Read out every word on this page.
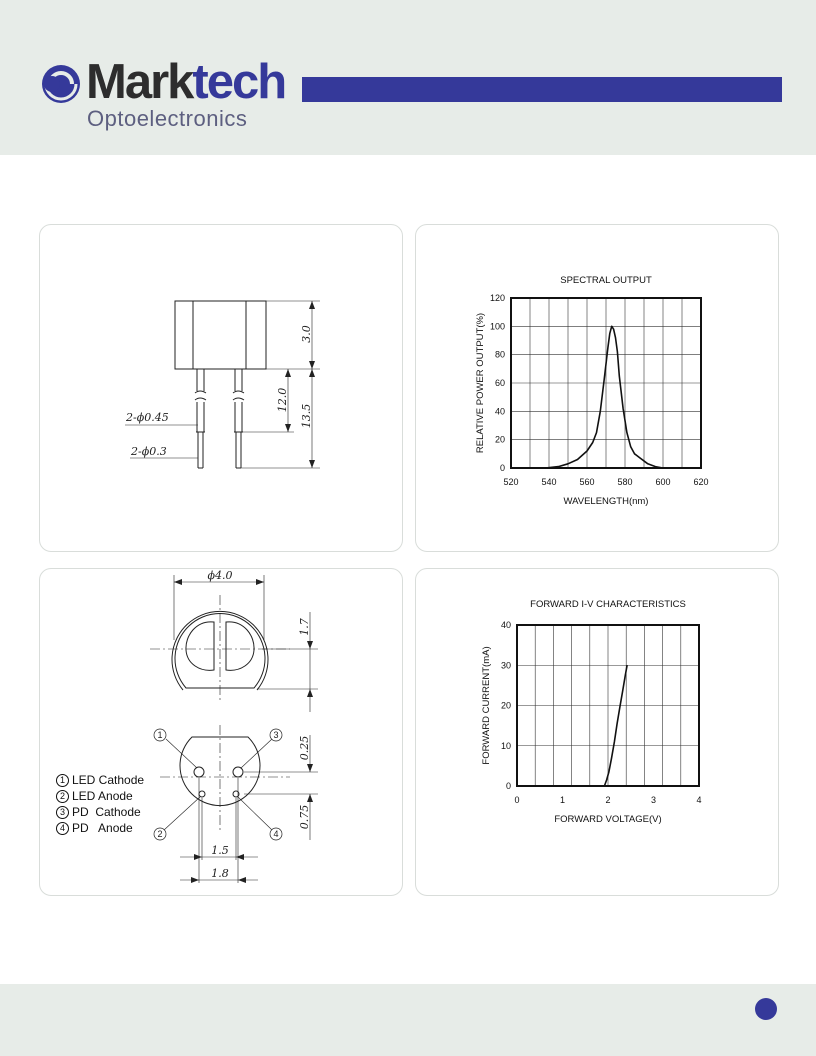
Marktech
Optoelectronics
3.0
12.0
13.5
2-ϕ0.45
2-ϕ0.3
ϕ4.0
1.7
0.25
0.75
1.5
1.8
1	3
2	4
1 LED Cathode
2 LED Anode
3 PD  Cathode
4 PD   Anode
520	540	560	580	600	620
0
20
40
60
80
100
120
SPECTRAL OUTPUT
WAVELENGTH(nm)
RELATIVE POWER OUTPUT(%)
0	1	2	3	4
0
10
20
30
40
FORWARD I-V CHARACTERISTICS
FORWARD VOLTAGE(V)
FORWARD CURRENT(mA)
